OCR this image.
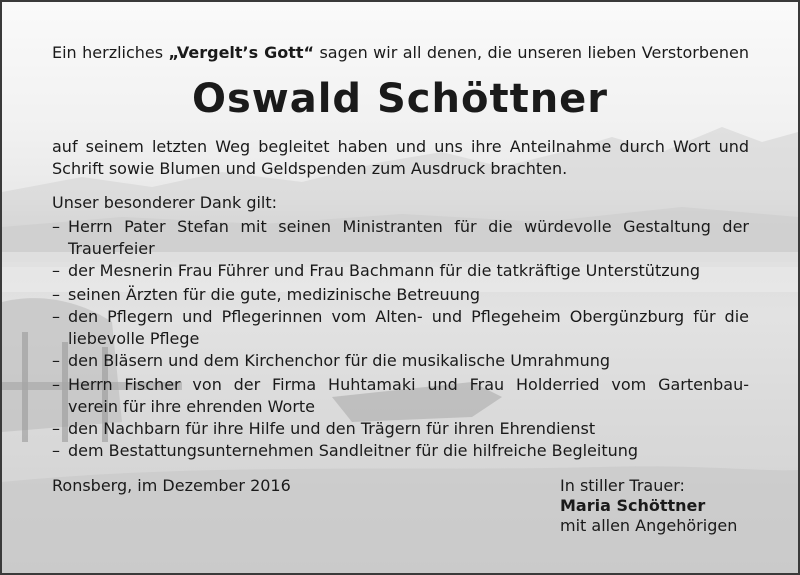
Ein herzliches „Vergelt’s Gott“ sagen wir all denen, die unseren lieben Verstorbenen
Oswald Schöttner
auf seinem letzten Weg begleitet haben und uns ihre Anteilnahme durch Wort und
Schrift sowie Blumen und Geldspenden zum Ausdruck brachten.
Unser besonderer Dank gilt:
– Herrn Pater Stefan mit seinen Ministranten für die würdevolle Gestaltung der
Trauerfeier
– der Mesnerin Frau Führer und Frau Bachmann für die tatkräftige Unterstützung
– seinen Ärzten für die gute, medizinische Betreuung
– den Pflegern und Pflegerinnen vom Alten- und Pflegeheim Obergünzburg für die
liebevolle Pflege
– den Bläsern und dem Kirchenchor für die musikalische Umrahmung
– Herrn Fischer von der Firma Huhtamaki und Frau Holderried vom Gartenbau-
verein für ihre ehrenden Worte
– den Nachbarn für ihre Hilfe und den Trägern für ihren Ehrendienst
– dem Bestattungsunternehmen Sandleitner für die hilfreiche Begleitung
Ronsberg, im Dezember 2016	In stiller Trauer:
Maria Schöttner
mit allen Angehörigen
